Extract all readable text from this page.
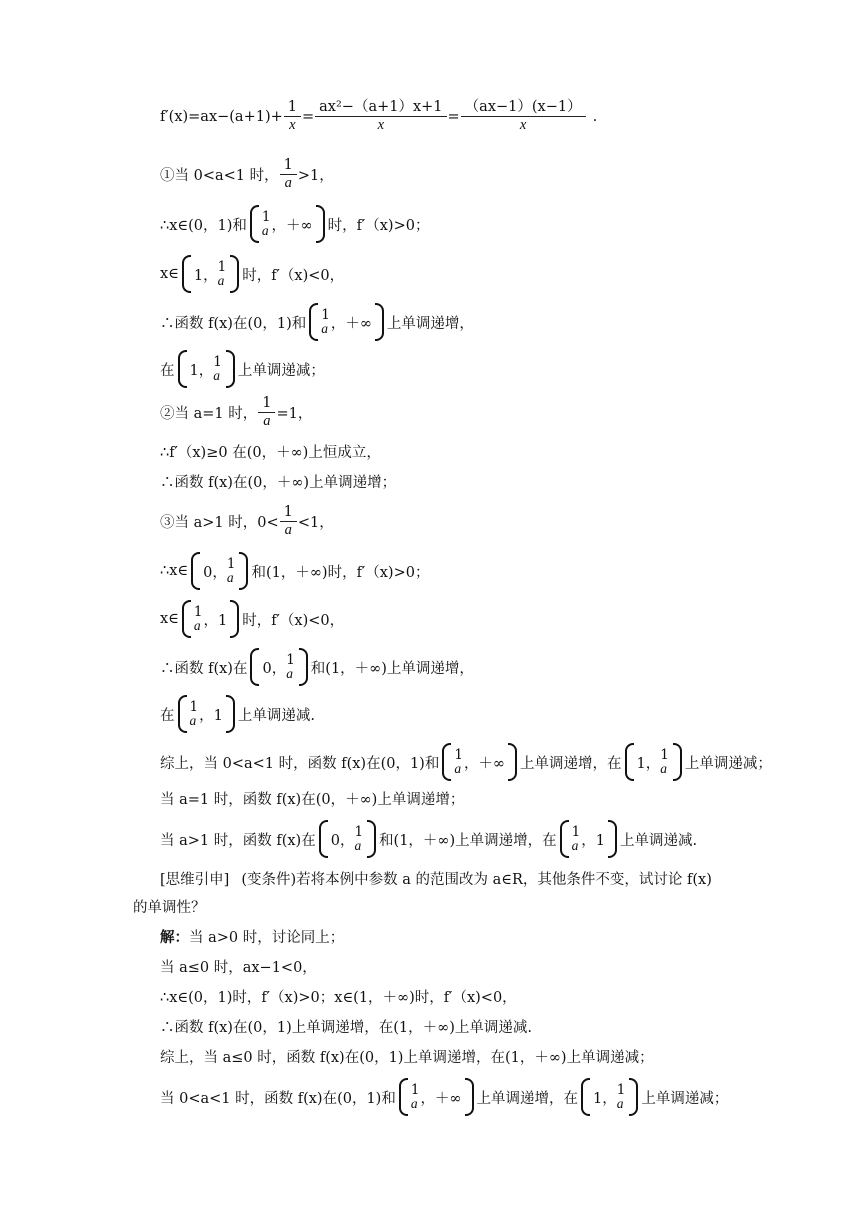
$f'(x)=ax-(a+1)+ \frac{1}{x} = \frac{\text{ax²−（a+1）x+1}}{x} = \frac{(ax-1)(x-1)}{x}$ .
①当 0<a<1 时， $\frac{1}{a} >1$，
∴x∈(0，1)和
1
a ，＋∞ 时，f′（x)>0；
x∈ 1，
1
a 时，f′（x)<0，
∴函数 f(x)在(0，1)和
1
a ，＋∞ 上单调递增，
在 1，
1
a 上单调递减；
②当 a=1 时， $\frac{1}{a} =1$，
∴f′（x)≥0 在(0，＋∞)上恒成立，
∴函数 f(x)在(0，＋∞)上单调递增；
③当 a>1 时，$0< \frac{1}{a} <1$，
∴x∈ 0，
1
a 和(1，＋∞)时，f′（x)>0；
x∈ 1
a ，1 时，f′（x)<0，
∴函数 f(x)在 0，
1
a 和(1，＋∞)上单调递增，
在
1
a ，1 上单调递减.
综上，当 0<a<1 时，函数 f(x)在(0，1)和
1
a ，＋∞ 上单调递增，在 1，
1
a 上单调递减；
当 a=1 时，函数 f(x)在(0，＋∞)上单调递增；
当 a>1 时，函数 f(x)在 0，
1
a 和(1，＋∞)上单调递增，在
1
a ，1 上单调递减.
[思维引申] (变条件)若将本例中参数 a 的范围改为 a∈R，其他条件不变，试讨论 f(x)
的单调性？
解： 当 a>0 时，讨论同上；
当 a≤0 时，ax−1<0，
∴x∈(0，1)时，f′（x)>0；x∈(1，＋∞)时，f′（x)<0，
∴函数 f(x)在(0，1)上单调递增，在(1，＋∞)上单调递减.
综上，当 a≤0 时，函数 f(x)在(0，1)上单调递增，在(1，＋∞)上单调递减；
当 0<a<1 时，函数 f(x)在(0，1)和
1
a ，＋∞ 上单调递增，在 1，
1
a 上单调递减；
